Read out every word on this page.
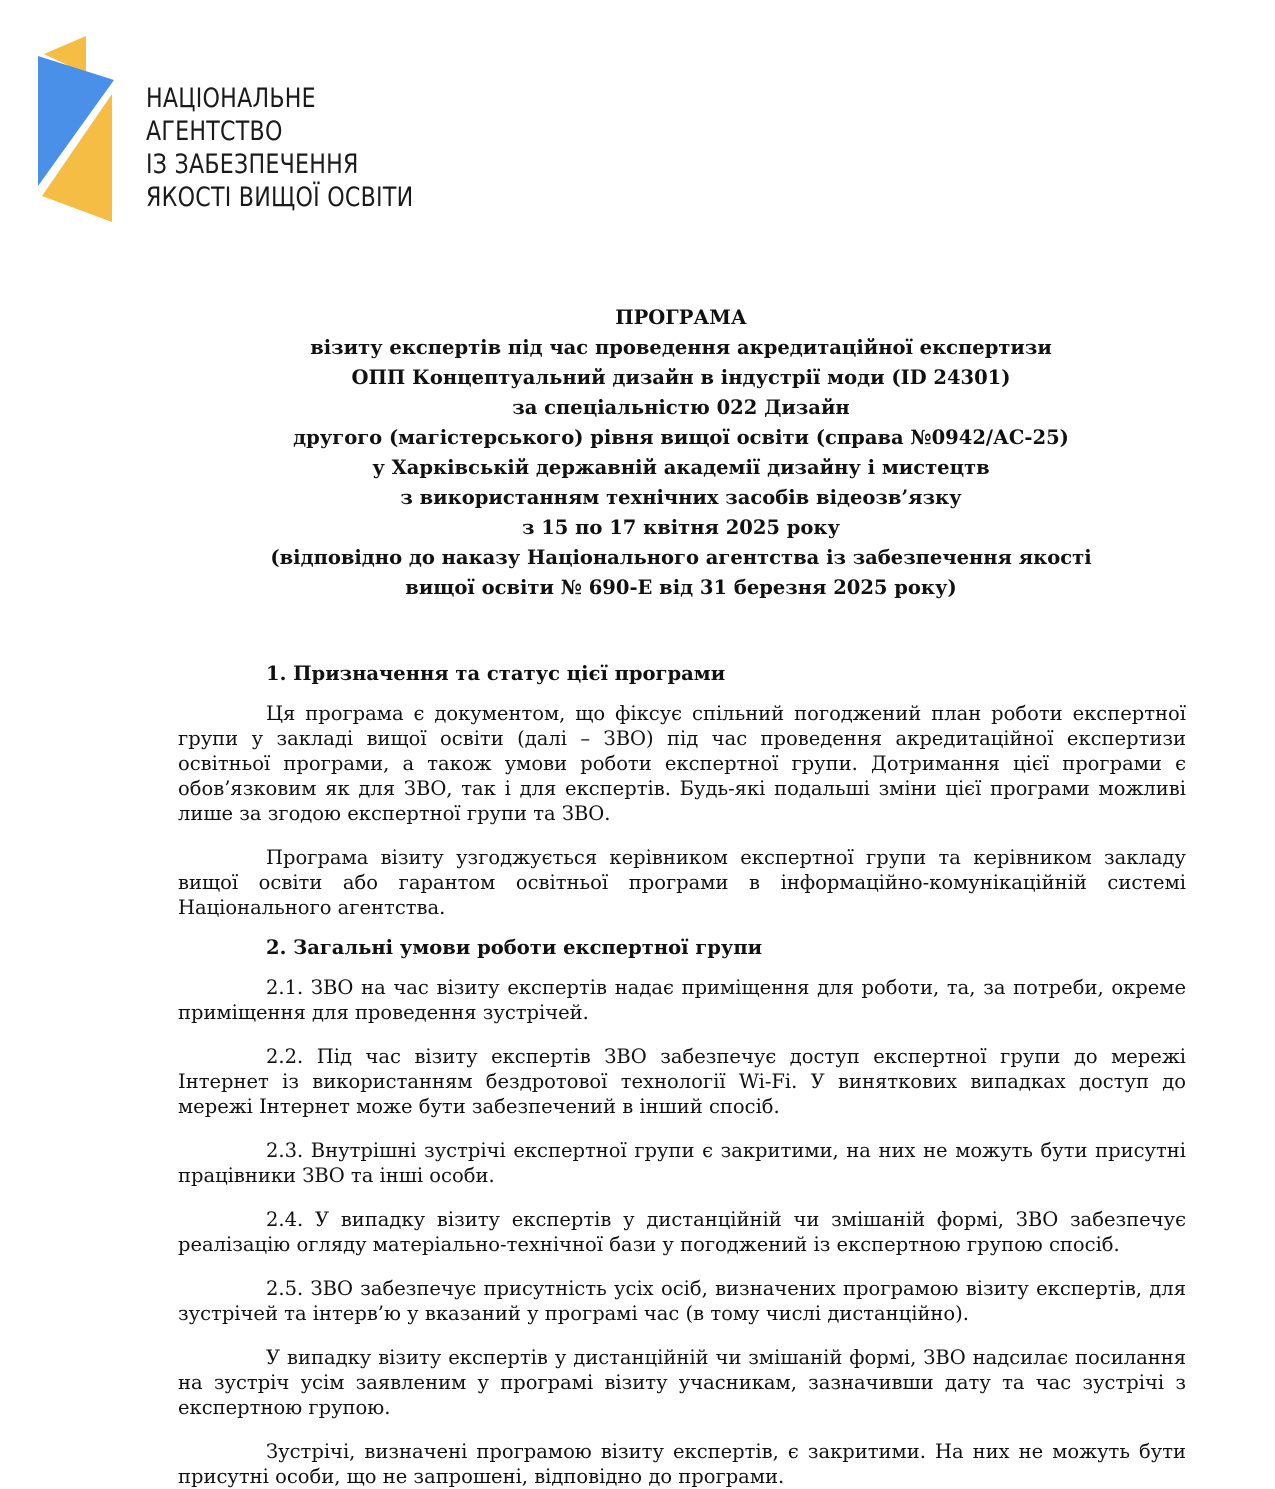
НАЦІОНАЛЬНЕ
АГЕНТСТВО
ІЗ ЗАБЕЗПЕЧЕННЯ
ЯКОСТІ ВИЩОЇ ОСВІТИ
ПРОГРАМА
візиту експертів під час проведення акредитаційної експертизи
ОПП Концептуальний дизайн в індустрії моди (ID 24301)
за спеціальністю 022 Дизайн
другого (магістерського) рівня вищої освіти (справа №0942/АС-25)
у Харківській державній академії дизайну і мистецтв
з використанням технічних засобів відеозв’язку
з 15 по 17 квітня 2025 року
(відповідно до наказу Національного агентства із забезпечення якості
вищої освіти № 690-Е від 31 березня 2025 року)

1. Призначення та статус цієї програми

Ця програма є документом, що фіксує спільний погоджений план роботи експертної групи у закладі вищої освіти (далі – ЗВО) під час проведення акредитаційної експертизи освітньої програми, а також умови роботи експертної групи. Дотримання цієї програми є обов’язковим як для ЗВО, так і для експертів. Будь-які подальші зміни цієї програми можливі лише за згодою експертної групи та ЗВО.

Програма візиту узгоджується керівником експертної групи та керівником закладу вищої освіти або гарантом освітньої програми в інформаційно-комунікаційній системі Національного агентства.

2. Загальні умови роботи експертної групи

2.1. ЗВО на час візиту експертів надає приміщення для роботи, та, за потреби, окреме приміщення для проведення зустрічей.

2.2. Під час візиту експертів ЗВО забезпечує доступ експертної групи до мережі Інтернет із використанням бездротової технології Wi-Fi. У виняткових випадках доступ до мережі Інтернет може бути забезпечений в інший спосіб.

2.3. Внутрішні зустрічі експертної групи є закритими, на них не можуть бути присутні працівники ЗВО та інші особи.

2.4. У випадку візиту експертів у дистанційній чи змішаній формі, ЗВО забезпечує реалізацію огляду матеріально-технічної бази у погоджений із експертною групою спосіб.

2.5. ЗВО забезпечує присутність усіх осіб, визначених програмою візиту експертів, для зустрічей та інтерв’ю у вказаний у програмі час (в тому числі дистанційно).

У випадку візиту експертів у дистанційній чи змішаній формі, ЗВО надсилає посилання на зустріч усім заявленим у програмі візиту учасникам, зазначивши дату та час зустрічі з експертною групою.

Зустрічі, визначені програмою візиту експертів, є закритими. На них не можуть бути присутні особи, що не запрошені, відповідно до програми.
